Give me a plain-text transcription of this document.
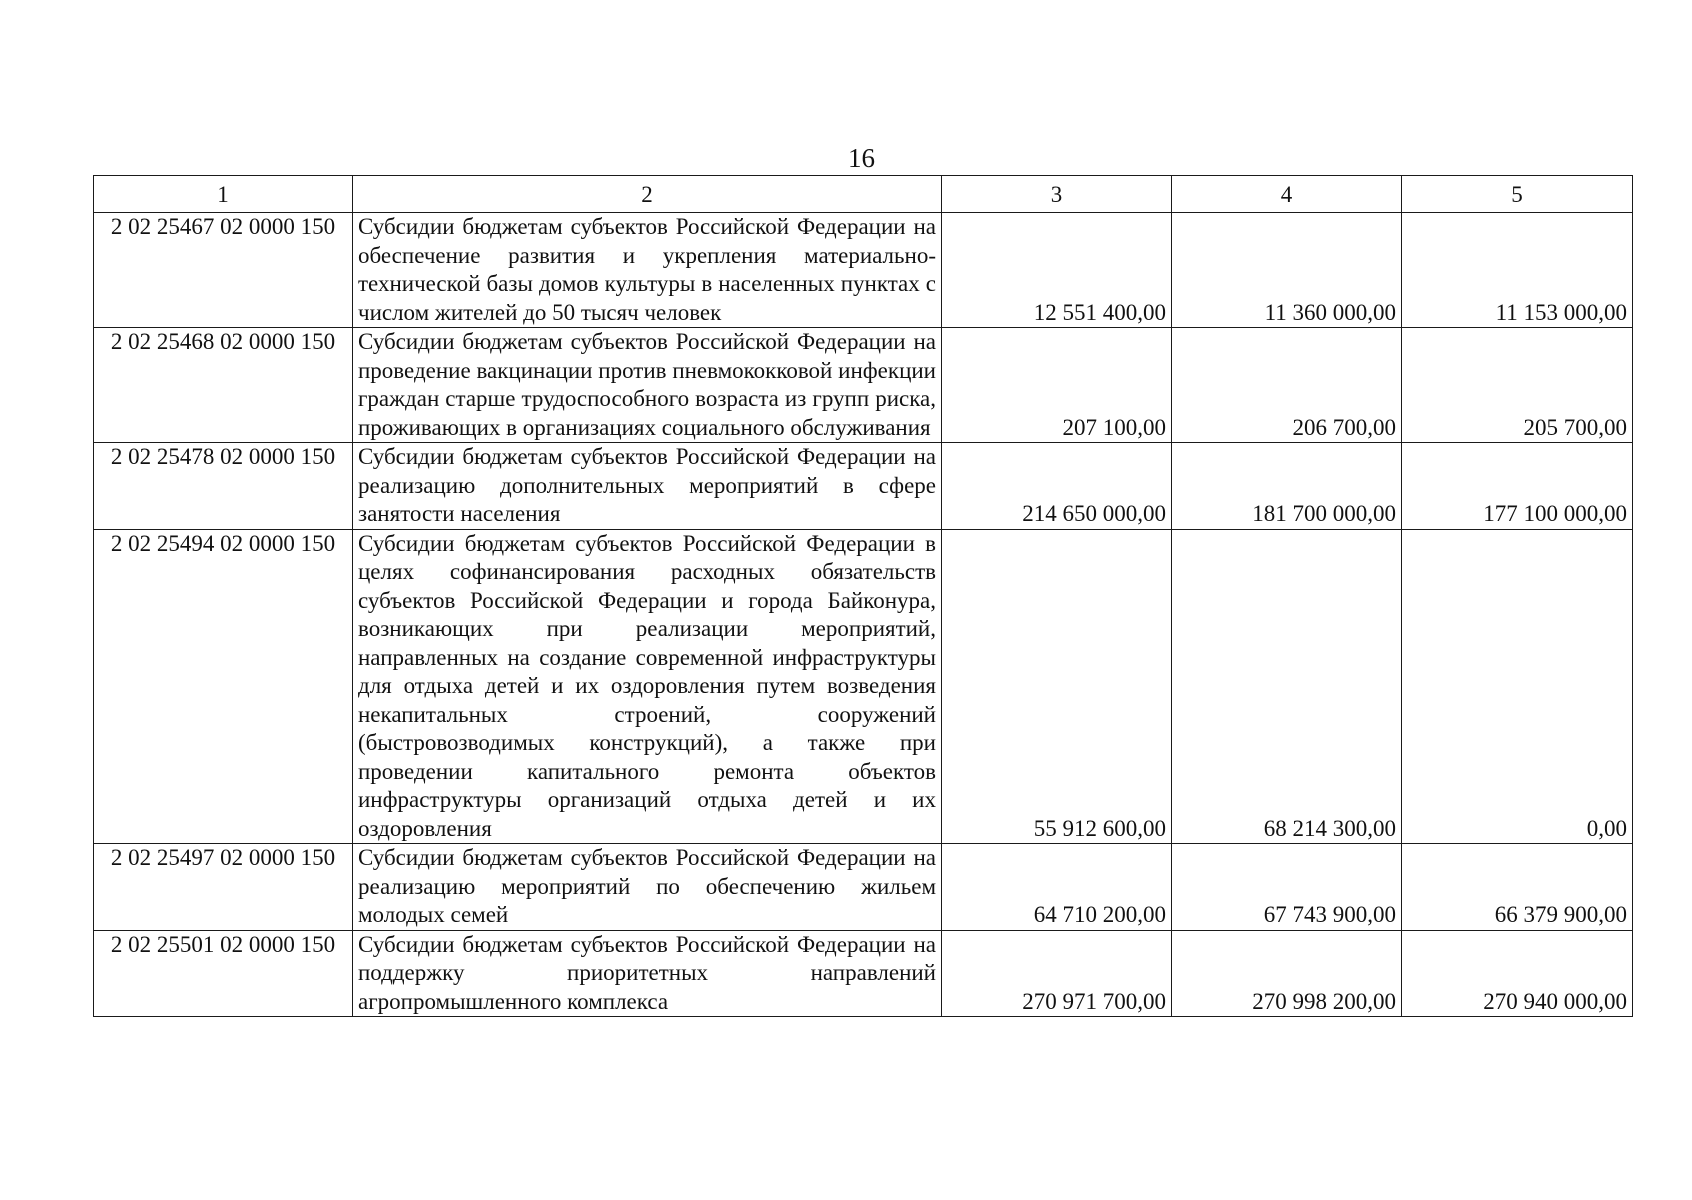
16
1	2	3	4	5
2 02 25467 02 0000 150	Субсидии бюджетам субъектов Российской Федерации на обеспечение развития и укрепления материально-технической базы домов культуры в населенных пунктах с числом жителей до 50 тысяч человек	12 551 400,00	11 360 000,00	11 153 000,00
2 02 25468 02 0000 150	Субсидии бюджетам субъектов Российской Федерации на проведение вакцинации против пневмококковой инфекции граждан старше трудоспособного возраста из групп риска, проживающих в организациях социального обслуживания	207 100,00	206 700,00	205 700,00
2 02 25478 02 0000 150	Субсидии бюджетам субъектов Российской Федерации на реализацию дополнительных мероприятий в сфере занятости населения	214 650 000,00	181 700 000,00	177 100 000,00
2 02 25494 02 0000 150	Субсидии бюджетам субъектов Российской Федерации в целях софинансирования расходных обязательств субъектов Российской Федерации и города Байконура, возникающих при реализации мероприятий, направленных на создание современной инфраструктуры для отдыха детей и их оздоровления путем возведения некапитальных строений, сооружений (быстровозводимых конструкций), а также при проведении капитального ремонта объектов инфраструктуры организаций отдыха детей и их оздоровления	55 912 600,00	68 214 300,00	0,00
2 02 25497 02 0000 150	Субсидии бюджетам субъектов Российской Федерации на реализацию мероприятий по обеспечению жильем молодых семей	64 710 200,00	67 743 900,00	66 379 900,00
2 02 25501 02 0000 150	Субсидии бюджетам субъектов Российской Федерации на поддержку приоритетных направлений агропромышленного комплекса	270 971 700,00	270 998 200,00	270 940 000,00
